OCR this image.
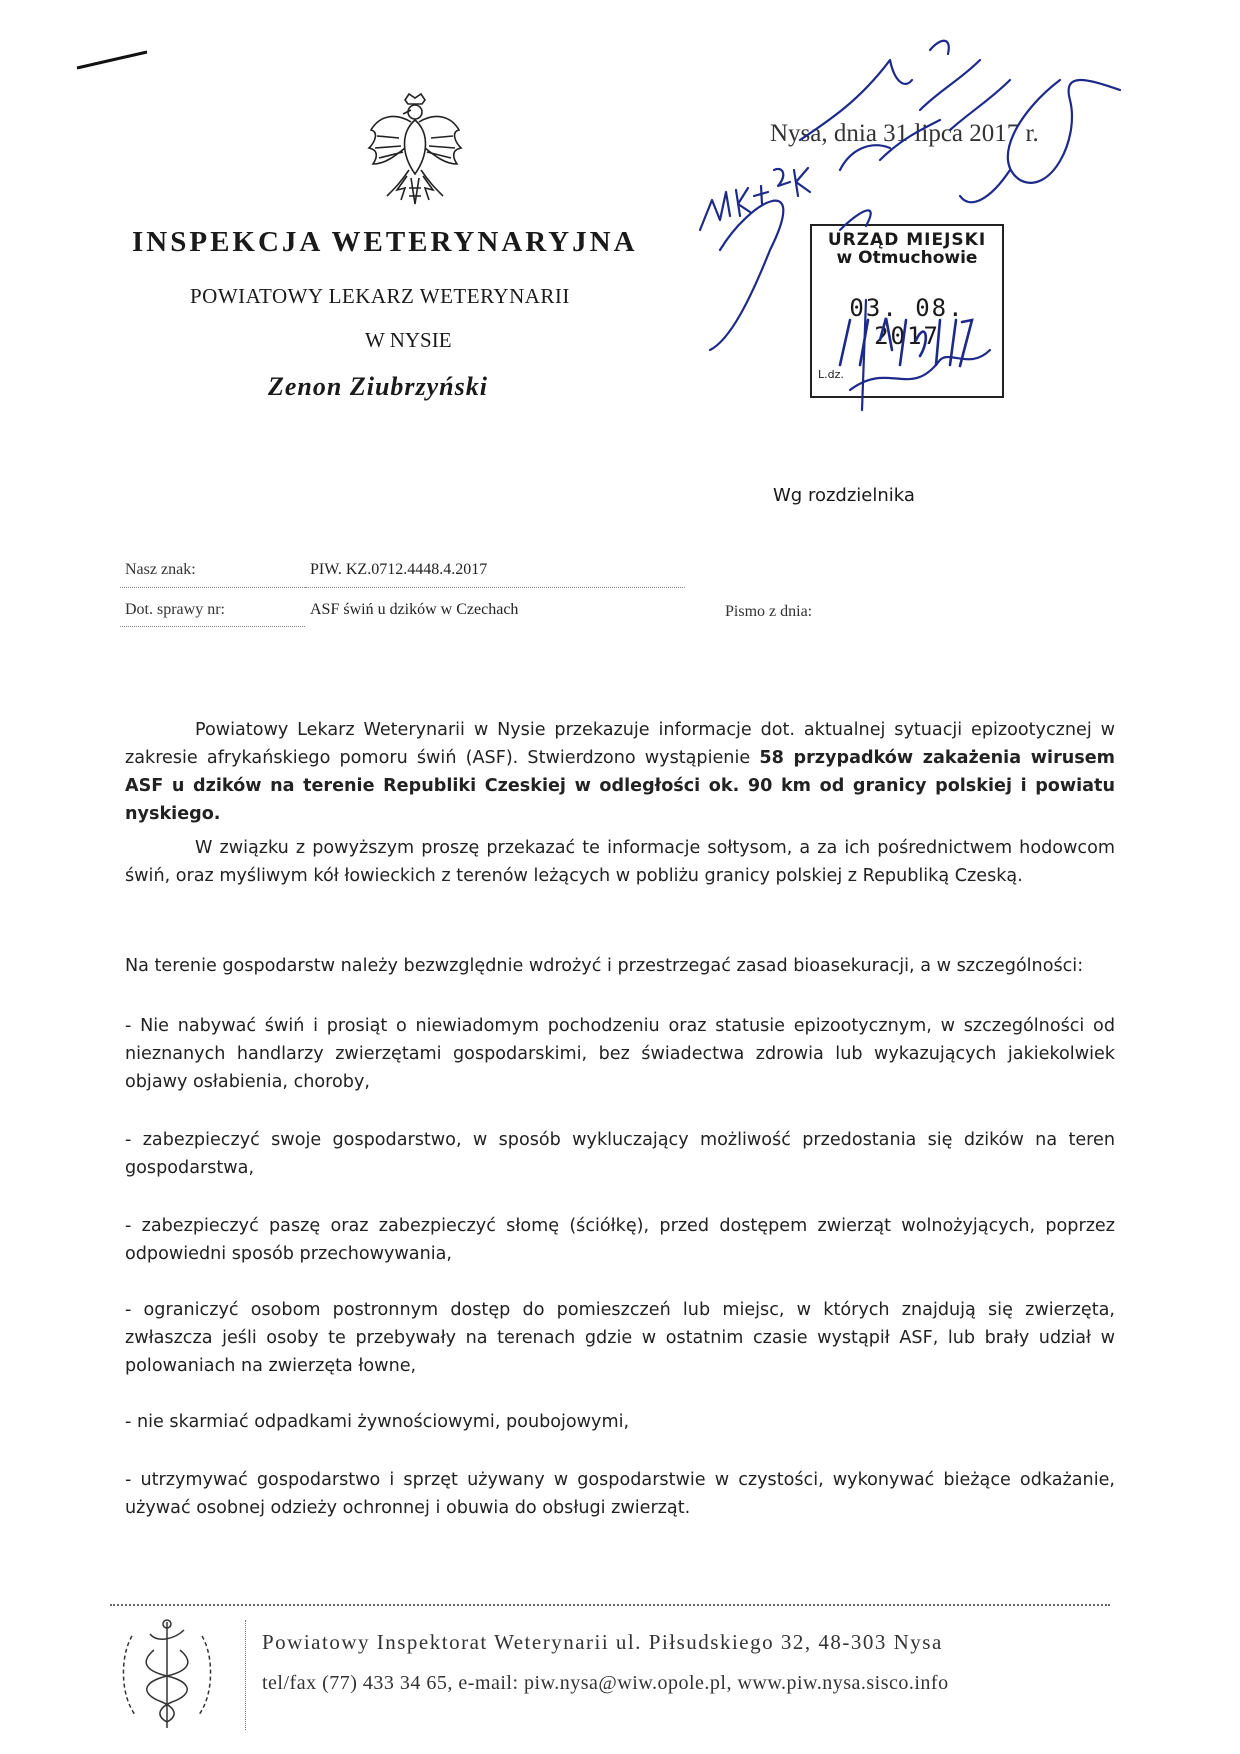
INSPEKCJA WETERYNARYJNA
POWIATOWY LEKARZ WETERYNARII
W NYSIE
Zenon Ziubrzyński
Nysa, dnia 31 lipca 2017 r.
URZĄD MIEJSKI
w Otmuchowie
03. 08. 2017
L.dz.
Wg rozdzielnika
Nasz znak:	PIW. KZ.0712.4448.4.2017
Dot. sprawy nr:	ASF świń u dzików w Czechach	Pismo z dnia:
Powiatowy Lekarz Weterynarii w Nysie przekazuje informacje dot. aktualnej sytuacji epizootycznej w zakresie afrykańskiego pomoru świń (ASF). Stwierdzono wystąpienie 58 przypadków zakażenia wirusem ASF u dzików na terenie Republiki Czeskiej w odległości ok. 90 km od granicy polskiej i powiatu nyskiego.
W związku z powyższym proszę przekazać te informacje sołtysom, a za ich pośrednictwem hodowcom świń, oraz myśliwym kół łowieckich z terenów leżących w pobliżu granicy polskiej z Republiką Czeską.
Na terenie gospodarstw należy bezwzględnie wdrożyć i przestrzegać zasad bioasekuracji, a w szczególności:
- Nie nabywać świń i prosiąt o niewiadomym pochodzeniu oraz statusie epizootycznym, w szczególności od nieznanych handlarzy zwierzętami gospodarskimi, bez świadectwa zdrowia lub wykazujących jakiekolwiek objawy osłabienia, choroby,
- zabezpieczyć swoje gospodarstwo, w sposób wykluczający możliwość przedostania się dzików na teren gospodarstwa,
- zabezpieczyć paszę oraz zabezpieczyć słomę (ściółkę), przed dostępem zwierząt wolnożyjących, poprzez odpowiedni sposób przechowywania,
- ograniczyć osobom postronnym dostęp do pomieszczeń lub miejsc, w których znajdują się zwierzęta, zwłaszcza jeśli osoby te przebywały na terenach gdzie w ostatnim czasie wystąpił ASF, lub brały udział w polowaniach na zwierzęta łowne,
- nie skarmiać odpadkami żywnościowymi, poubojowymi,
- utrzymywać gospodarstwo i sprzęt używany w gospodarstwie w czystości, wykonywać bieżące odkażanie, używać osobnej odzieży ochronnej i obuwia do obsługi zwierząt.
Powiatowy Inspektorat Weterynarii ul. Piłsudskiego 32, 48-303 Nysa
tel/fax (77) 433 34 65, e-mail: piw.nysa@wiw.opole.pl, www.piw.nysa.sisco.info
